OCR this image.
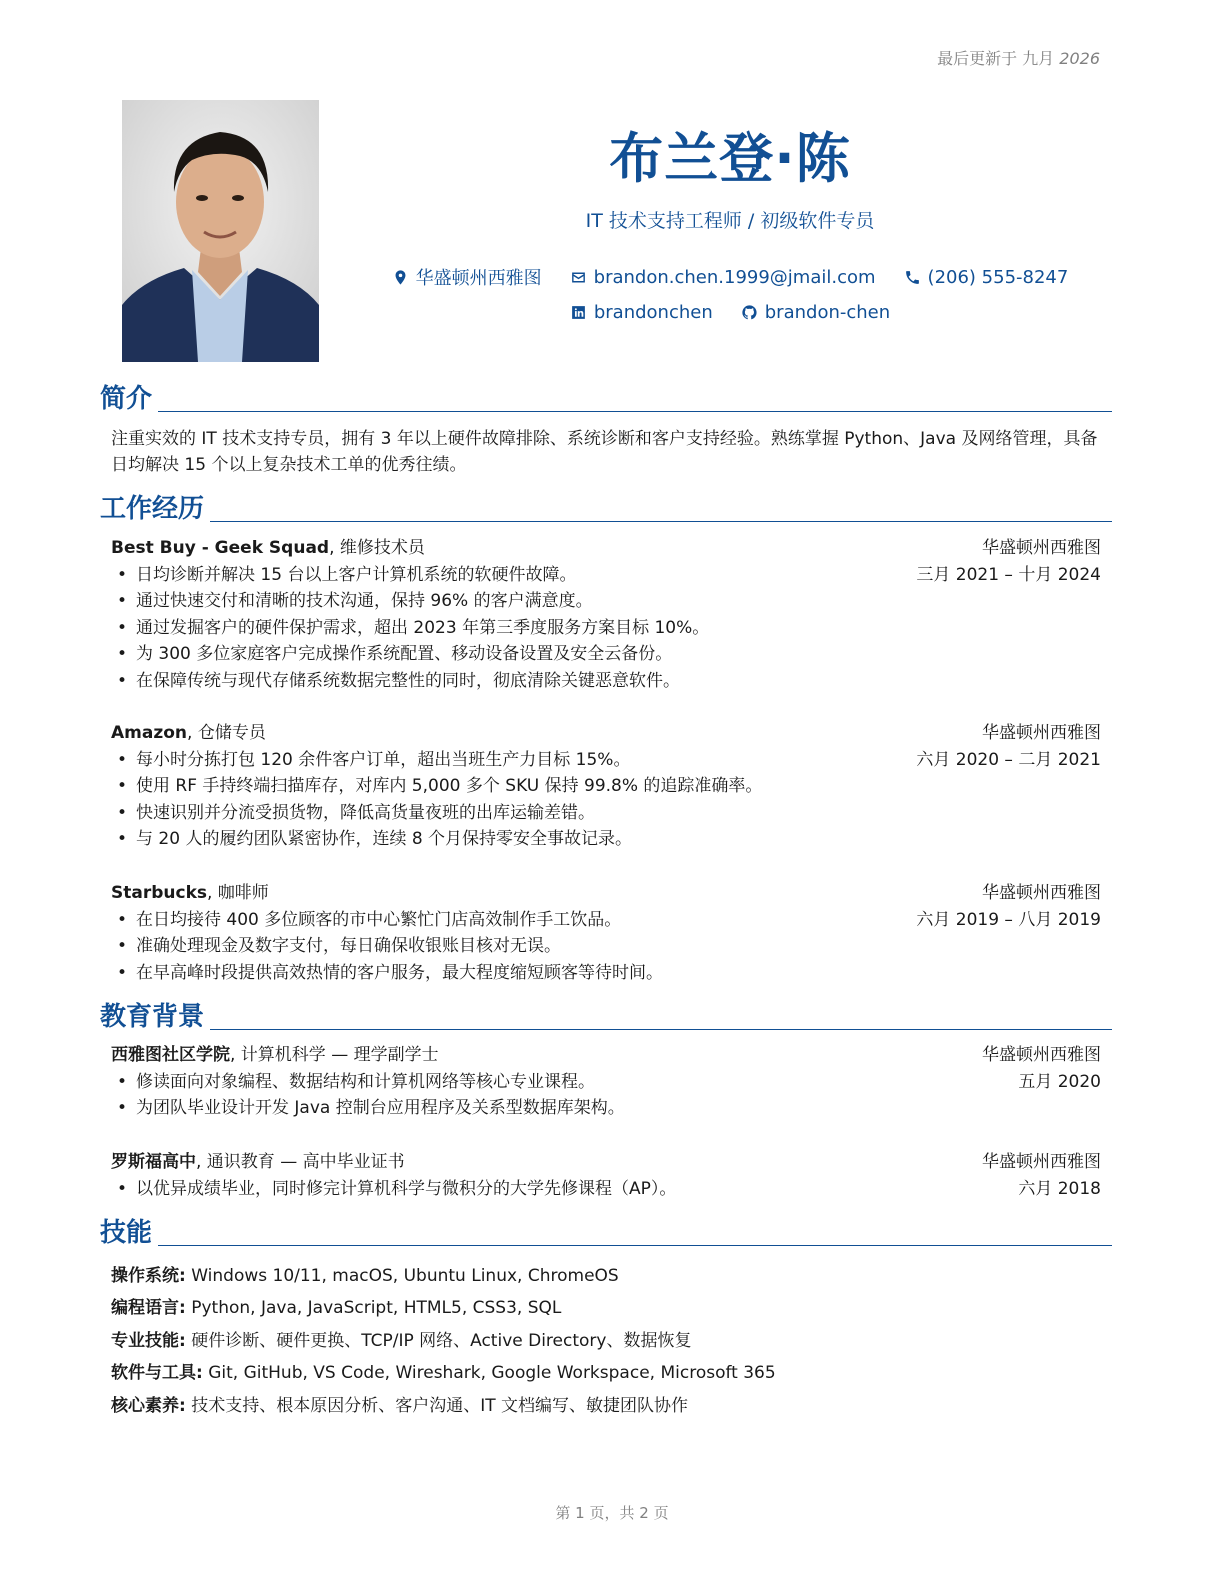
最后更新于 九月 2026
布兰登·陈
IT 技术支持工程师 / 初级软件专员
华盛顿州西雅图	brandon.chen.1999@jmail.com	(206) 555-8247
brandonchen	brandon-chen
简介
注重实效的 IT 技术支持专员，拥有 3 年以上硬件故障排除、系统诊断和客户支持经验。熟练掌握 Python、Java 及网络管理，具备日均解决 15 个以上复杂技术工单的优秀往绩。
工作经历
Best Buy - Geek Squad, 维修技术员	华盛顿州西雅图
三月 2021 – 十月 2024
• 日均诊断并解决 15 台以上客户计算机系统的软硬件故障。
• 通过快速交付和清晰的技术沟通，保持 96% 的客户满意度。
• 通过发掘客户的硬件保护需求，超出 2023 年第三季度服务方案目标 10%。
• 为 300 多位家庭客户完成操作系统配置、移动设备设置及安全云备份。
• 在保障传统与现代存储系统数据完整性的同时，彻底清除关键恶意软件。
Amazon, 仓储专员	华盛顿州西雅图
六月 2020 – 二月 2021
• 每小时分拣打包 120 余件客户订单，超出当班生产力目标 15%。
• 使用 RF 手持终端扫描库存，对库内 5,000 多个 SKU 保持 99.8% 的追踪准确率。
• 快速识别并分流受损货物，降低高货量夜班的出库运输差错。
• 与 20 人的履约团队紧密协作，连续 8 个月保持零安全事故记录。
Starbucks, 咖啡师	华盛顿州西雅图
六月 2019 – 八月 2019
• 在日均接待 400 多位顾客的市中心繁忙门店高效制作手工饮品。
• 准确处理现金及数字支付，每日确保收银账目核对无误。
• 在早高峰时段提供高效热情的客户服务，最大程度缩短顾客等待时间。
教育背景
西雅图社区学院, 计算机科学 — 理学副学士	华盛顿州西雅图
五月 2020
• 修读面向对象编程、数据结构和计算机网络等核心专业课程。
• 为团队毕业设计开发 Java 控制台应用程序及关系型数据库架构。
罗斯福高中, 通识教育 — 高中毕业证书	华盛顿州西雅图
六月 2018
• 以优异成绩毕业，同时修完计算机科学与微积分的大学先修课程（AP）。
技能
操作系统: Windows 10/11, macOS, Ubuntu Linux, ChromeOS
编程语言: Python, Java, JavaScript, HTML5, CSS3, SQL
专业技能: 硬件诊断、硬件更换、TCP/IP 网络、Active Directory、数据恢复
软件与工具: Git, GitHub, VS Code, Wireshark, Google Workspace, Microsoft 365
核心素养: 技术支持、根本原因分析、客户沟通、IT 文档编写、敏捷团队协作
第 1 页，共 2 页
